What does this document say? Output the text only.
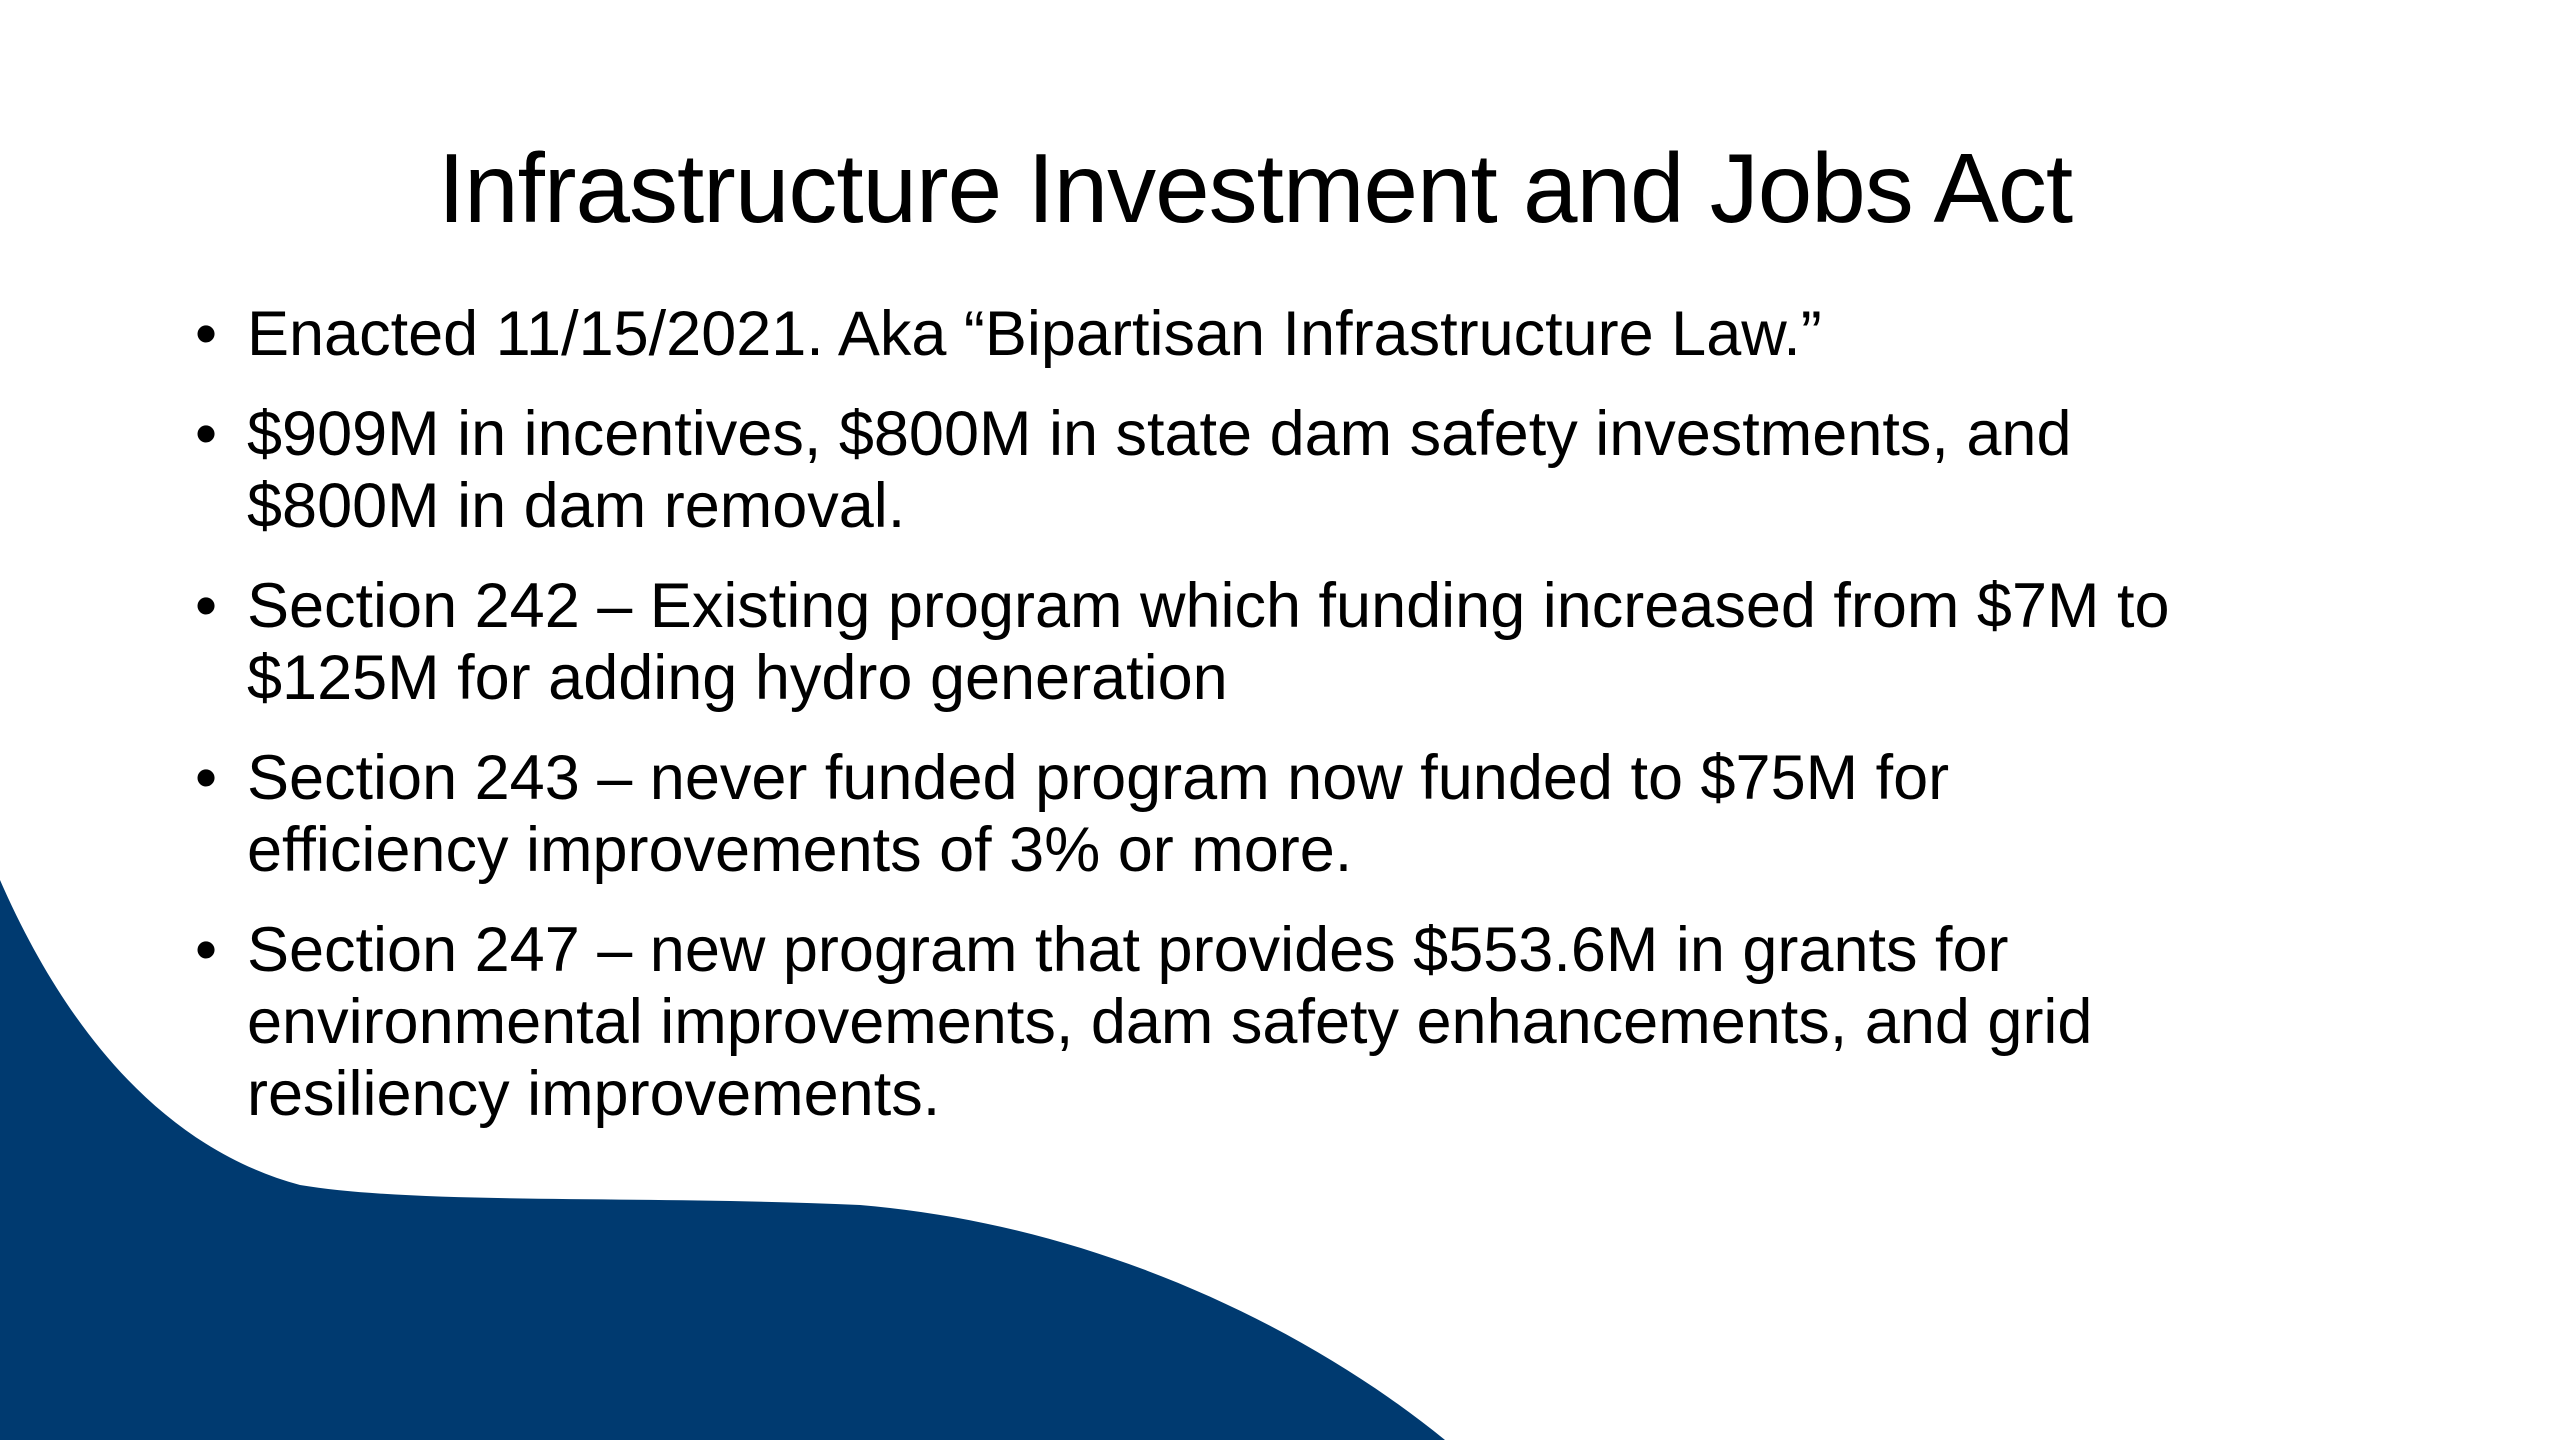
Infrastructure Investment and Jobs Act
• Enacted 11/15/2021. Aka “Bipartisan Infrastructure Law.”
• $909M in incentives, $800M in state dam safety investments, and
$800M in dam removal.
• Section 242 – Existing program which funding increased from $7M to
$125M for adding hydro generation
• Section 243 – never funded program now funded to $75M for
efficiency improvements of 3% or more.
• Section 247 – new program that provides $553.6M in grants for
environmental improvements, dam safety enhancements, and grid
resiliency improvements.
